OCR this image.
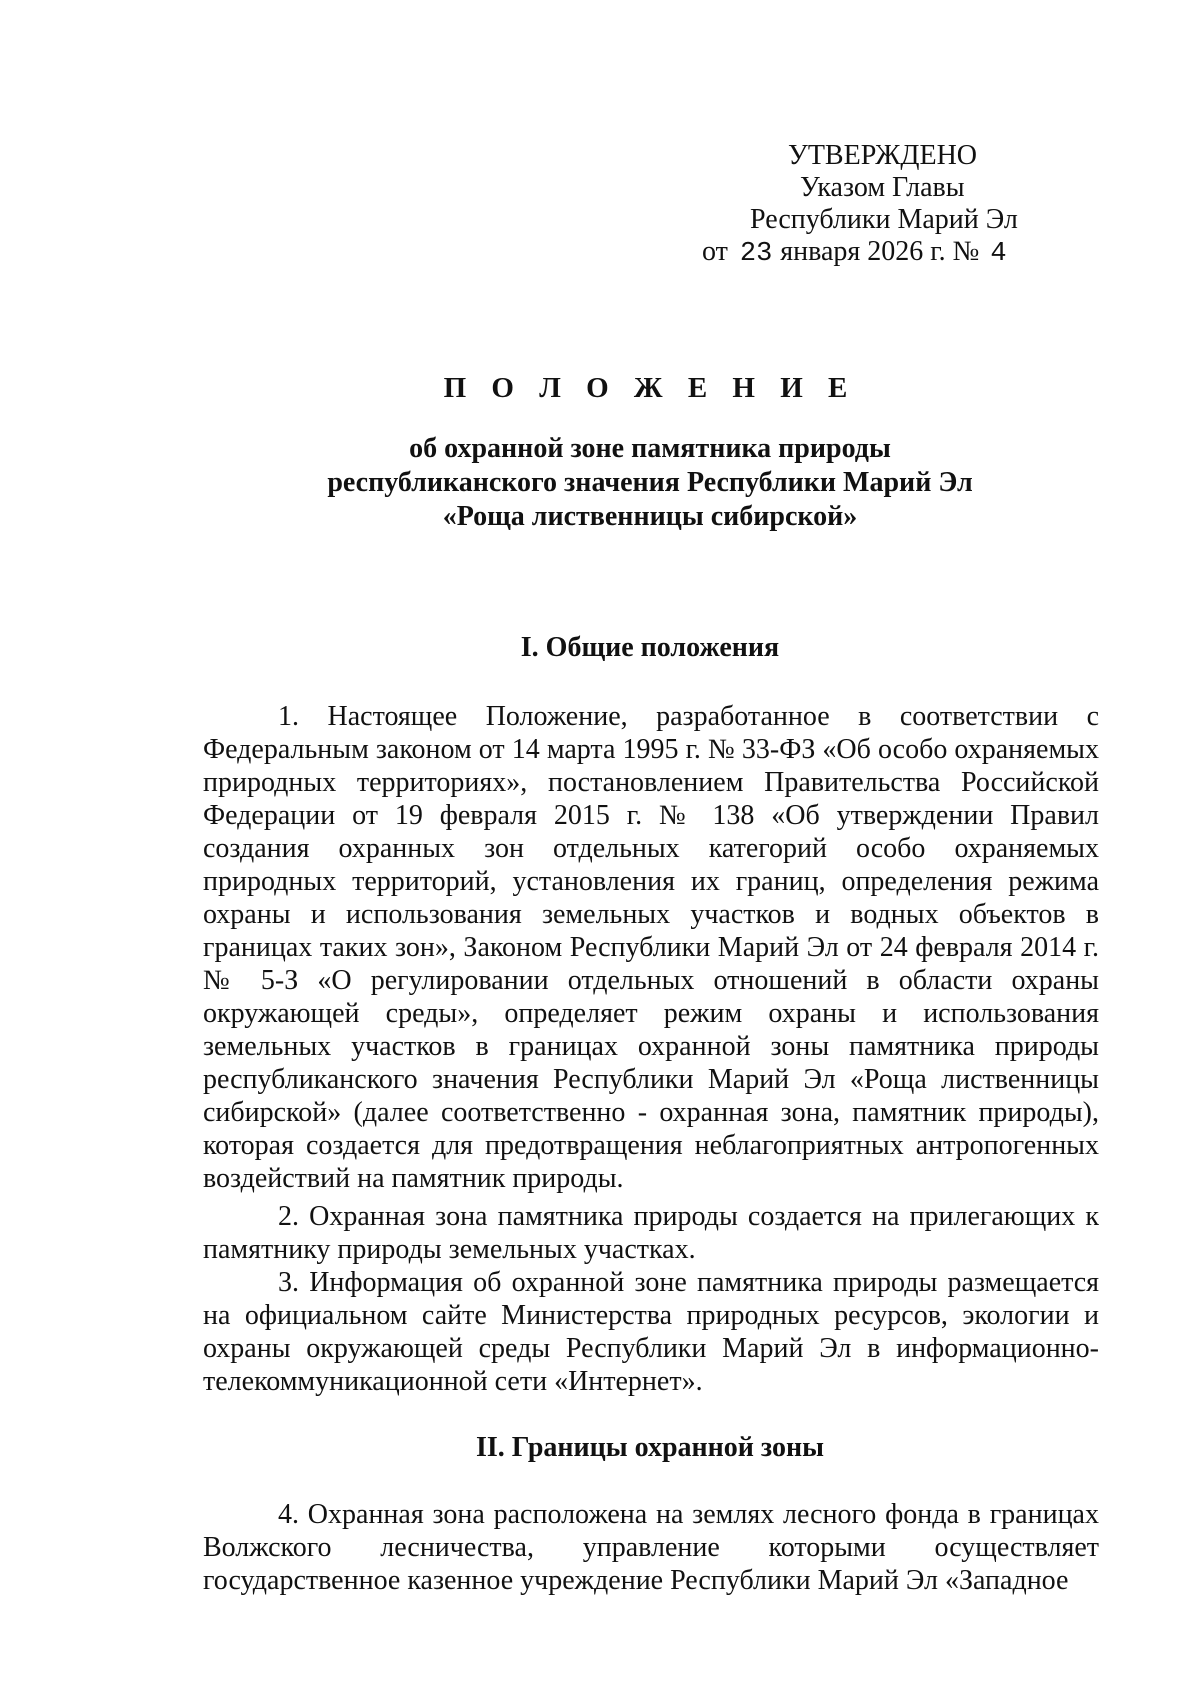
УТВЕРЖДЕНО
Указом Главы
Республики Марий Эл
от 23 января 2026 г. № 4
П О Л О Ж Е Н И Е
об охранной зоне памятника природы
республиканского значения Республики Марий Эл
«Роща лиственницы сибирской»
I. Общие положения

1. Настоящее Положение, разработанное в соответствии с Федеральным законом от 14 марта 1995 г. № 33-ФЗ «Об особо охраняемых природных территориях», постановлением Правительства Российской Федерации от 19 февраля 2015 г. № 138 «Об утверждении Правил создания охранных зон отдельных категорий особо охраняемых природных территорий, установления их границ, определения режима охраны и использования земельных участков и водных объектов в границах таких зон», Законом Республики Марий Эл от 24 февраля 2014 г. № 5-З «О регулировании отдельных отношений в области охраны окружающей среды», определяет режим охраны и использования земельных участков в границах охранной зоны памятника природы республиканского значения Республики Марий Эл «Роща лиственницы сибирской» (далее соответственно - охранная зона, памятник природы), которая создается для предотвращения неблагоприятных антропогенных воздействий на памятник природы.

2. Охранная зона памятника природы создается на прилегающих к памятнику природы земельных участках.

3. Информация об охранной зоне памятника природы размещается на официальном сайте Министерства природных ресурсов, экологии и охраны окружающей среды Республики Марий Эл в информационно-телекоммуникационной сети «Интернет».

II. Границы охранной зоны

4. Охранная зона расположена на землях лесного фонда в границах Волжского лесничества, управление которыми осуществляет государственное казенное учреждение Республики Марий Эл «Западное
